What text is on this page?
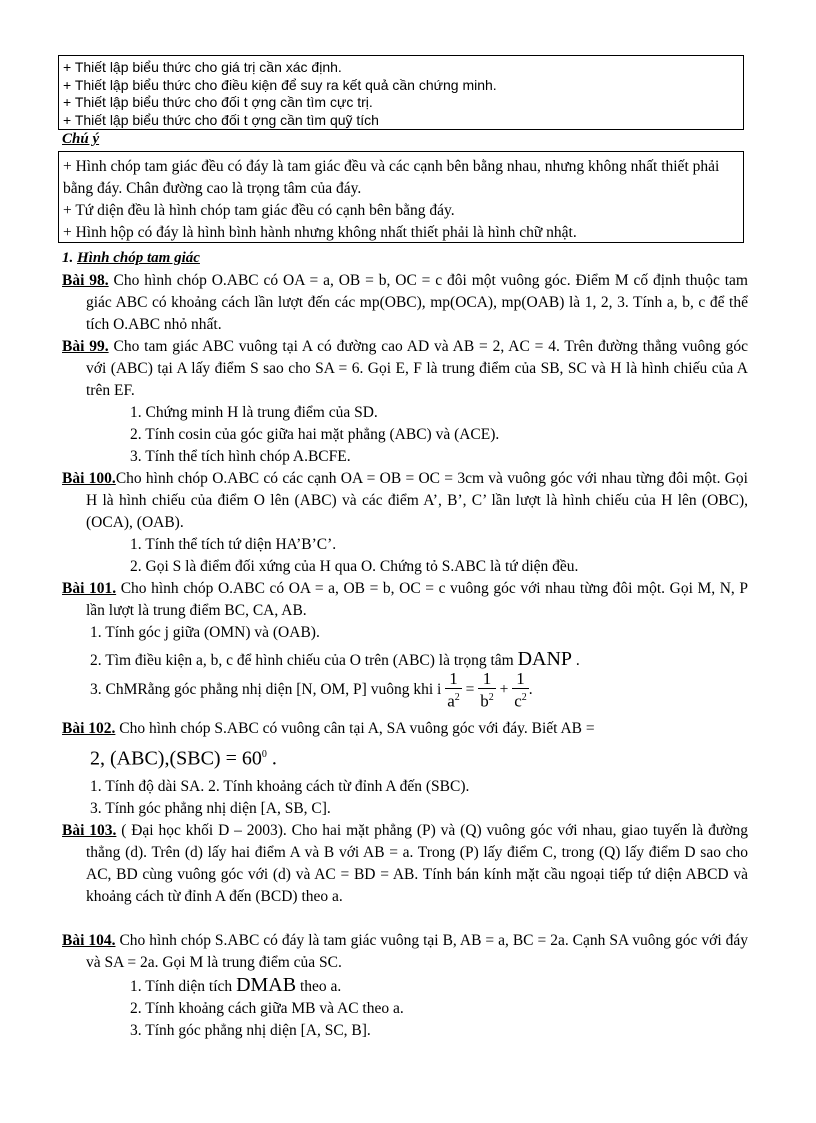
+ Thiết lập biểu thức cho giá trị cần xác định.
+ Thiết lập biểu thức cho điều kiện để suy ra kết quả cần chứng minh.
+ Thiết lập biểu thức cho đối t ợng cần tìm cực trị.
+ Thiết lập biểu thức cho đối t ợng cần tìm quỹ tích
Chú ý
+ Hình chóp tam giác đều có đáy là tam giác đều và các cạnh bên bằng nhau, nhưng không nhất thiết phải bằng đáy. Chân đường cao là trọng tâm của đáy.
+ Tứ diện đều là hình chóp tam giác đều có cạnh bên bằng đáy.
+ Hình hộp có đáy là hình bình hành nhưng không nhất thiết phải là hình chữ nhật.
1. Hình chóp tam giác
Bài 98. Cho hình chóp O.ABC có OA = a, OB = b, OC = c đôi một vuông góc. Điểm M cố định thuộc tam giác ABC có khoảng cách lần lượt đến các mp(OBC), mp(OCA), mp(OAB) là 1, 2, 3. Tính a, b, c để thể tích O.ABC nhỏ nhất.
Bài 99. Cho tam giác ABC vuông tại A có đường cao AD và AB = 2, AC = 4. Trên đường thẳng vuông góc với (ABC) tại A lấy điểm S sao cho SA = 6. Gọi E, F là trung điểm của SB, SC và H là hình chiếu của A trên EF.
1. Chứng minh H là trung điểm của SD.
2. Tính cosin của góc giữa hai mặt phẳng (ABC) và (ACE).
3. Tính thể tích hình chóp A.BCFE.
Bài 100.Cho hình chóp O.ABC có các cạnh OA = OB = OC = 3cm và vuông góc với nhau từng đôi một. Gọi H là hình chiếu của điểm O lên (ABC) và các điểm A’, B’, C’ lần lượt là hình chiếu của H lên (OBC), (OCA), (OAB).
1. Tính thể tích tứ diện HA’B’C’.
2. Gọi S là điểm đối xứng của H qua O. Chứng tỏ S.ABC là tứ diện đều.
Bài 101. Cho hình chóp O.ABC có OA = a, OB = b, OC = c vuông góc với nhau từng đôi một. Gọi M, N, P lần lượt là trung điểm BC, CA, AB.
1. Tính góc j giữa (OMN) và (OAB).
2. Tìm điều kiện a, b, c để hình chiếu của O trên (ABC) là trọng tâm DANP .
3. ChMRằng góc phẳng nhị diện [N, OM, P] vuông khi i $\frac{1}{a^2} = \frac{1}{b^2} + \frac{1}{c^2}$ .
Bài 102. Cho hình chóp S.ABC có vuông cân tại A, SA vuông góc với đáy. Biết AB =
2, $(ABC),(SBC) = 60^0$ .
1. Tính độ dài SA. 2. Tính khoảng cách từ đỉnh A đến (SBC).
3. Tính góc phẳng nhị diện [A, SB, C].
Bài 103. ( Đại học khối D – 2003). Cho hai mặt phẳng (P) và (Q) vuông góc với nhau, giao tuyến là đường thẳng (d). Trên (d) lấy hai điểm A và B với AB = a. Trong (P) lấy điểm C, trong (Q) lấy điểm D sao cho AC, BD cùng vuông góc với (d) và AC = BD = AB. Tính bán kính mặt cầu ngoại tiếp tứ diện ABCD và khoảng cách từ đỉnh A đến (BCD) theo a.
Bài 104. Cho hình chóp S.ABC có đáy là tam giác vuông tại B, AB = a, BC = 2a. Cạnh SA vuông góc với đáy và SA = 2a. Gọi M là trung điểm của SC.
1. Tính diện tích DMAB theo a.
2. Tính khoảng cách giữa MB và AC theo a.
3. Tính góc phẳng nhị diện [A, SC, B].
